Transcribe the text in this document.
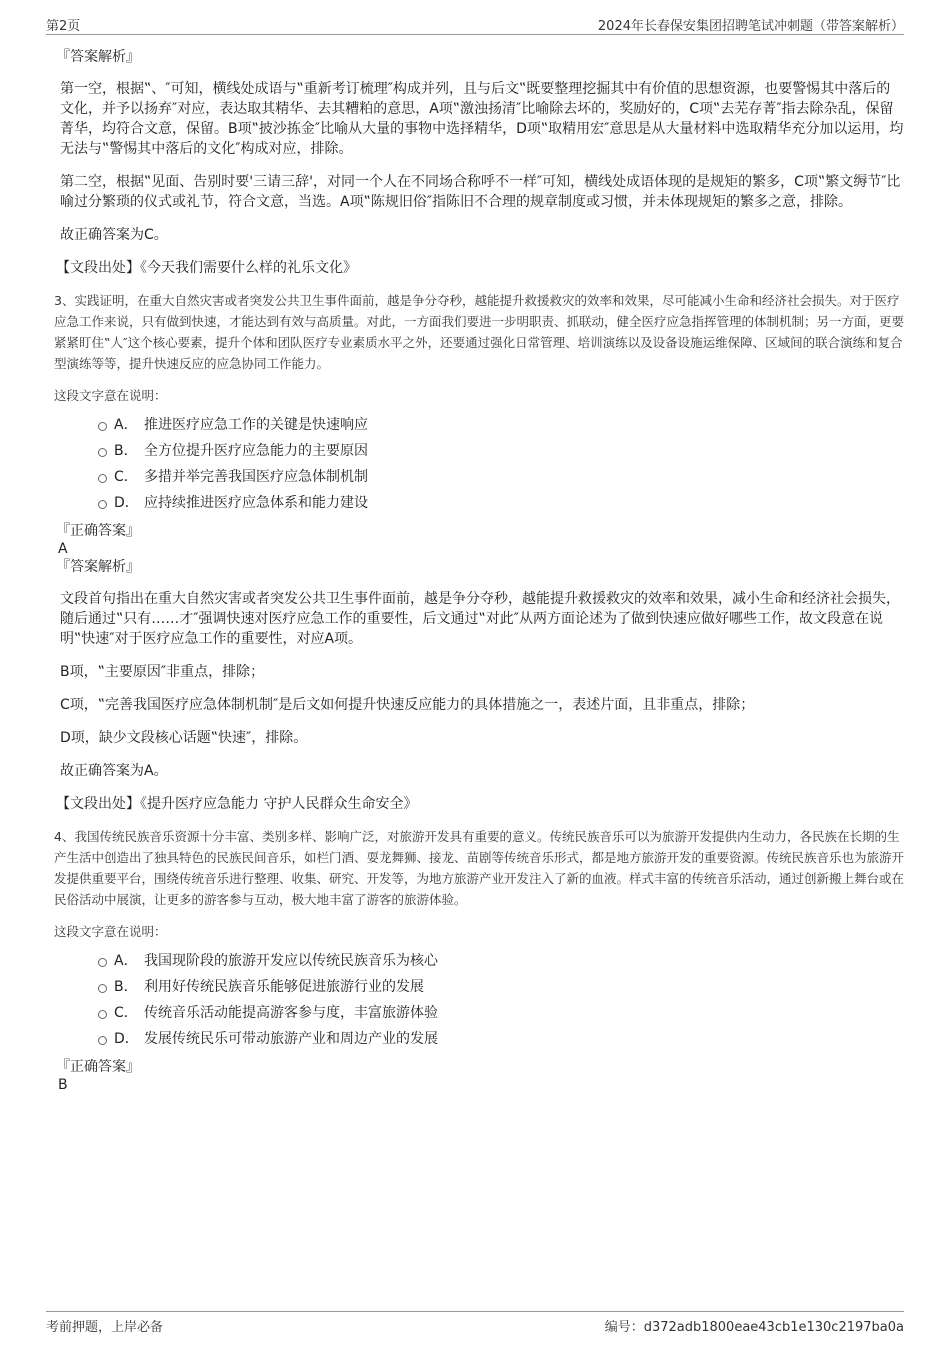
第2页	2024年长春保安集团招聘笔试冲刺题（带答案解析）

『答案解析』

第一空，根据‟、″可知，横线处成语与‟重新考订梳理″构成并列，且与后文‟既要整理挖掘其中有价值的思想资源，也要警惕其中落后的文化，并予以扬弃″对应，表达取其精华、去其糟粕的意思，A项‟激浊扬清″比喻除去坏的，奖励好的，C项‟去芜存菁″指去除杂乱，保留菁华，均符合文意，保留。B项‟披沙拣金″比喻从大量的事物中选择精华，D项‟取精用宏″意思是从大量材料中选取精华充分加以运用，均无法与‟警惕其中落后的文化″构成对应，排除。

第二空，根据‟见面、告别时要'三请三辞'，对同一个人在不同场合称呼不一样″可知，横线处成语体现的是规矩的繁多，C项‟繁文缛节″比喻过分繁琐的仪式或礼节，符合文意，当选。A项‟陈规旧俗″指陈旧不合理的规章制度或习惯，并未体现规矩的繁多之意，排除。

故正确答案为C。

【文段出处】《今天我们需要什么样的礼乐文化》

3、实践证明，在重大自然灾害或者突发公共卫生事件面前，越是争分夺秒，越能提升救援救灾的效率和效果，尽可能减小生命和经济社会损失。对于医疗应急工作来说，只有做到快速，才能达到有效与高质量。对此，一方面我们要进一步明职责、抓联动，健全医疗应急指挥管理的体制机制；另一方面，更要紧紧盯住‟人″这个核心要素，提升个体和团队医疗专业素质水平之外，还要通过强化日常管理、培训演练以及设备设施运维保障、区域间的联合演练和复合型演练等等，提升快速反应的应急协同工作能力。

这段文字意在说明：

A． 推进医疗应急工作的关键是快速响应
B． 全方位提升医疗应急能力的主要原因
C． 多措并举完善我国医疗应急体制机制
D． 应持续推进医疗应急体系和能力建设

『正确答案』

A

『答案解析』

文段首句指出在重大自然灾害或者突发公共卫生事件面前，越是争分夺秒，越能提升救援救灾的效率和效果，减小生命和经济社会损失，随后通过‟只有……才″强调快速对医疗应急工作的重要性，后文通过‟对此″从两方面论述为了做到快速应做好哪些工作，故文段意在说明‟快速″对于医疗应急工作的重要性，对应A项。

B项，‟主要原因″非重点，排除；

C项，‟完善我国医疗应急体制机制″是后文如何提升快速反应能力的具体措施之一，表述片面，且非重点，排除；

D项，缺少文段核心话题‟快速″，排除。

故正确答案为A。

【文段出处】《提升医疗应急能力 守护人民群众生命安全》

4、我国传统民族音乐资源十分丰富、类别多样、影响广泛，对旅游开发具有重要的意义。传统民族音乐可以为旅游开发提供内生动力，各民族在长期的生产生活中创造出了独具特色的民族民间音乐，如栏门酒、耍龙舞狮、接龙、苗剧等传统音乐形式，都是地方旅游开发的重要资源。传统民族音乐也为旅游开发提供重要平台，围绕传统音乐进行整理、收集、研究、开发等，为地方旅游产业开发注入了新的血液。样式丰富的传统音乐活动，通过创新搬上舞台或在民俗活动中展演，让更多的游客参与互动，极大地丰富了游客的旅游体验。

这段文字意在说明：

A． 我国现阶段的旅游开发应以传统民族音乐为核心
B． 利用好传统民族音乐能够促进旅游行业的发展
C． 传统音乐活动能提高游客参与度，丰富旅游体验
D． 发展传统民乐可带动旅游产业和周边产业的发展

『正确答案』

B

考前押题，上岸必备	编号：d372adb1800eae43cb1e130c2197ba0a
